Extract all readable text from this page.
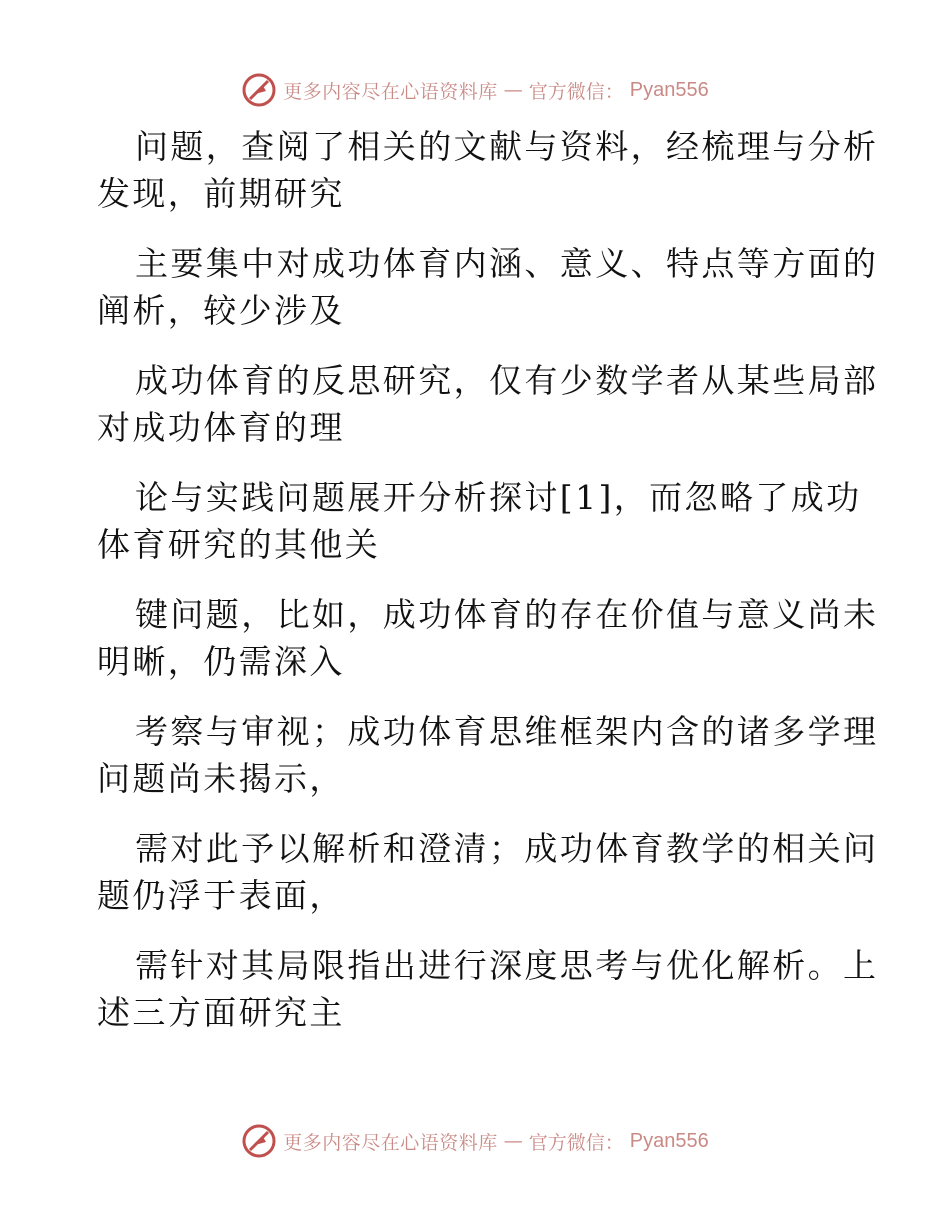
更多内容尽在心语资料库 — 官方微信： Pyan556

问题，查阅了相关的文献与资料，经梳理与分析
发现，前期研究

主要集中对成功体育内涵、意义、特点等方面的
阐析，较少涉及

成功体育的反思研究，仅有少数学者从某些局部
对成功体育的理

论与实践问题展开分析探讨[1]，而忽略了成功
体育研究的其他关

键问题，比如，成功体育的存在价值与意义尚未
明晰，仍需深入

考察与审视；成功体育思维框架内含的诸多学理
问题尚未揭示，

需对此予以解析和澄清；成功体育教学的相关问
题仍浮于表面，

需针对其局限指出进行深度思考与优化解析。上
述三方面研究主

更多内容尽在心语资料库 — 官方微信： Pyan556
